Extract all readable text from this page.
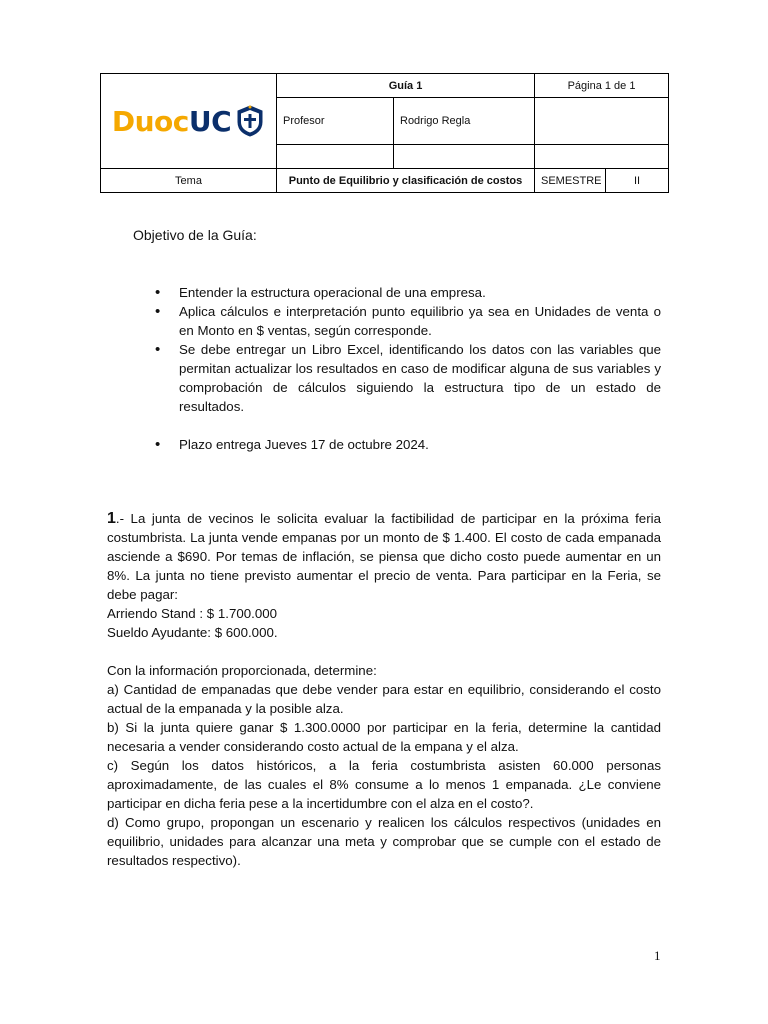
DuocUC	Guía 1		Página 1 de 1	

	Profesor	Rodrigo Regla		

Tema	Punto de Equilibrio y clasificación de costos		SEMESTRE	II
Objetivo de la Guía:
• Entender la estructura operacional de una empresa.
• Aplica cálculos e interpretación punto equilibrio ya sea en Unidades de venta o en Monto en $ ventas, según corresponde.
• Se debe entregar un Libro Excel, identificando los datos con las variables que permitan actualizar los resultados en caso de modificar alguna de sus variables y comprobación de cálculos siguiendo la estructura tipo de un estado de resultados.
• Plazo entrega Jueves 17 de octubre 2024.

1.- La junta de vecinos le solicita evaluar la factibilidad de participar en la próxima feria costumbrista. La junta vende empanas por un monto de $ 1.400. El costo de cada empanada asciende a $690. Por temas de inflación, se piensa que dicho costo puede aumentar en un 8%. La junta no tiene previsto aumentar el precio de venta. Para participar en la Feria, se debe pagar:

Arriendo Stand : $ 1.700.000

Sueldo Ayudante: $ 600.000.

Con la información proporcionada, determine:

a) Cantidad de empanadas que debe vender para estar en equilibrio, considerando el costo actual de la empanada y la posible alza.

b) Si la junta quiere ganar $ 1.300.0000 por participar en la feria, determine la cantidad necesaria a vender considerando costo actual de la empana y el alza.

c) Según los datos históricos, a la feria costumbrista asisten 60.000 personas aproximadamente, de las cuales el 8% consume a lo menos 1 empanada. ¿Le conviene participar en dicha feria pese a la incertidumbre con el alza en el costo?.

d) Como grupo, propongan un escenario y realicen los cálculos respectivos (unidades en equilibrio, unidades para alcanzar una meta y comprobar que se cumple con el estado de resultados respectivo).

1
